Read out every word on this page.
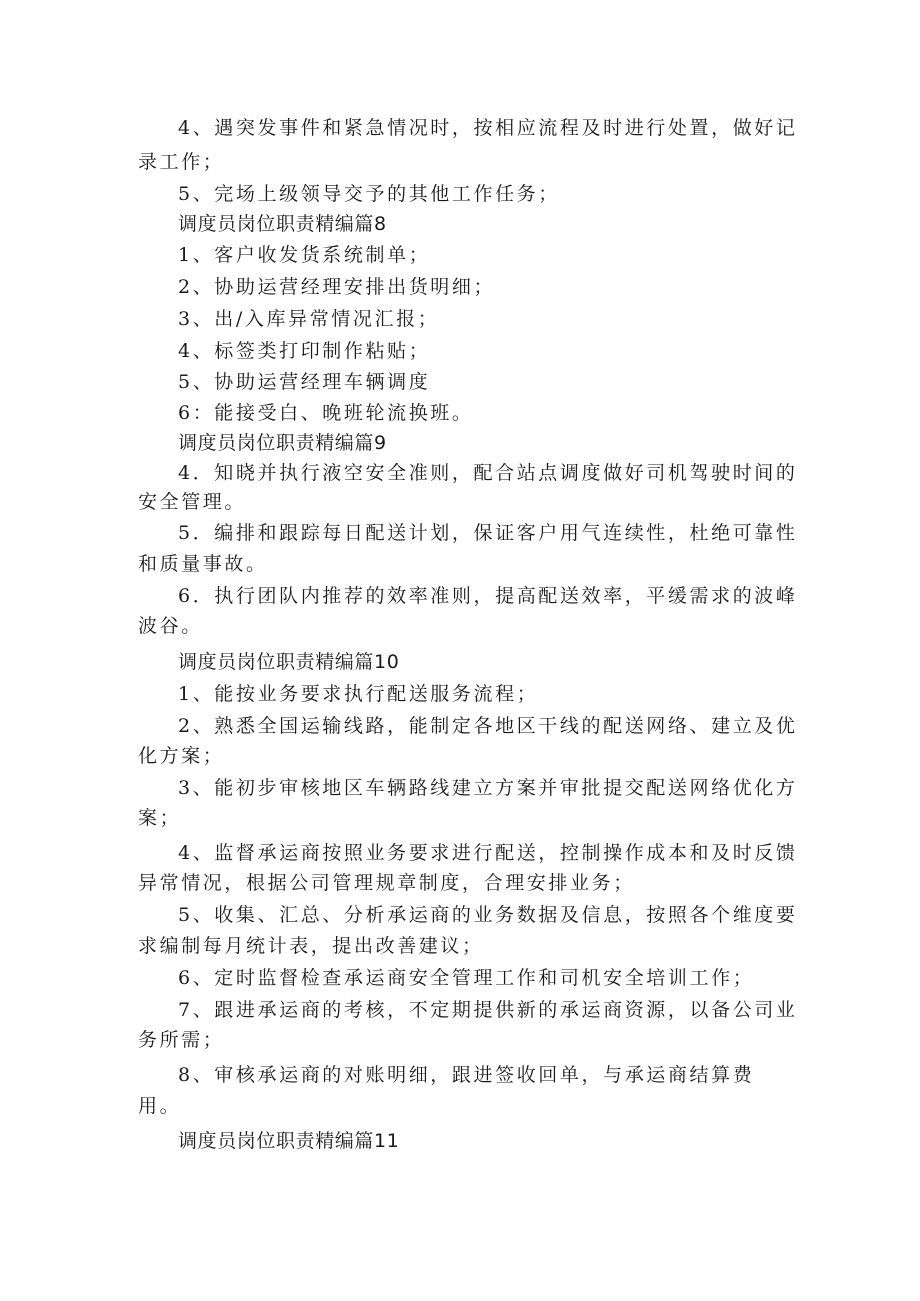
4、遇突发事件和紧急情况时，按相应流程及时进行处置，做好记
录工作；
5、完场上级领导交予的其他工作任务；
调度员岗位职责精编篇8
1、客户收发货系统制单；
2、协助运营经理安排出货明细；
3、出/入库异常情况汇报；
4、标签类打印制作粘贴；
5、协助运营经理车辆调度
6：能接受白、晚班轮流换班。
调度员岗位职责精编篇9
4．知晓并执行液空安全准则，配合站点调度做好司机驾驶时间的
安全管理。
5．编排和跟踪每日配送计划，保证客户用气连续性，杜绝可靠性
和质量事故。
6．执行团队内推荐的效率准则，提高配送效率，平缓需求的波峰
波谷。
调度员岗位职责精编篇10
1、能按业务要求执行配送服务流程；
2、熟悉全国运输线路，能制定各地区干线的配送网络、建立及优
化方案；
3、能初步审核地区车辆路线建立方案并审批提交配送网络优化方
案；
4、监督承运商按照业务要求进行配送，控制操作成本和及时反馈
异常情况，根据公司管理规章制度，合理安排业务；
5、收集、汇总、分析承运商的业务数据及信息，按照各个维度要
求编制每月统计表，提出改善建议；
6、定时监督检查承运商安全管理工作和司机安全培训工作；
7、跟进承运商的考核，不定期提供新的承运商资源，以备公司业
务所需；
8、审核承运商的对账明细，跟进签收回单，与承运商结算费
用。
调度员岗位职责精编篇11
